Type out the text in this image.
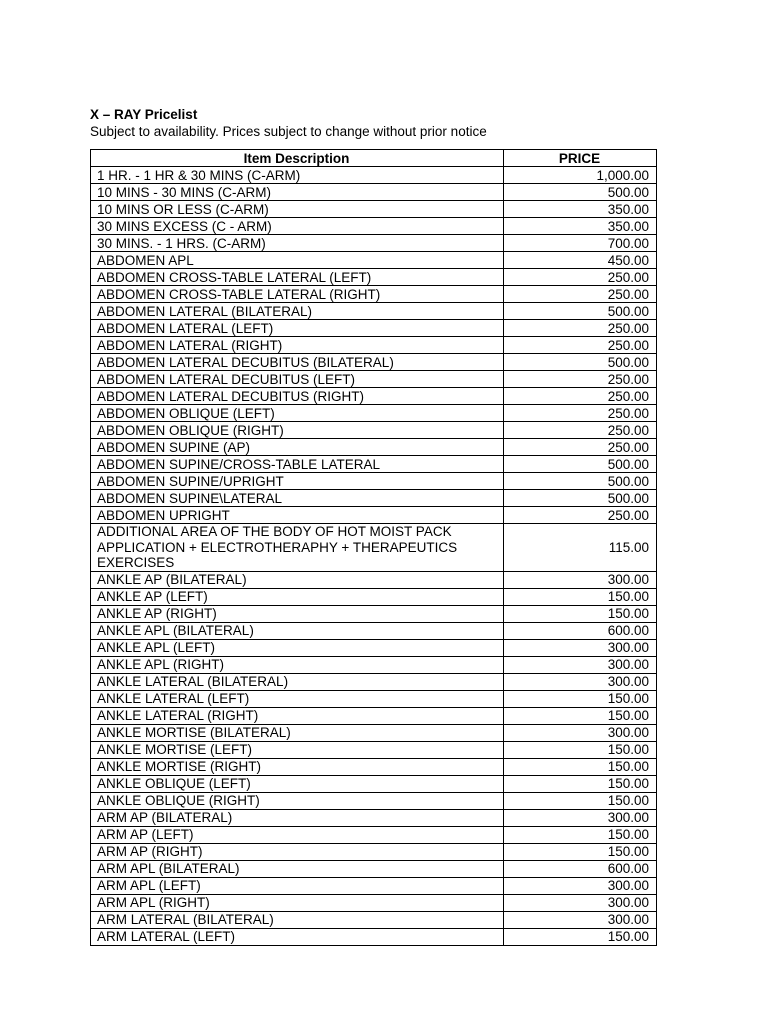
X – RAY Pricelist
Subject to availability. Prices subject to change without prior notice
Item Description	PRICE
1 HR. - 1 HR & 30 MINS (C-ARM)	1,000.00
10 MINS - 30 MINS (C-ARM)	500.00
10 MINS OR LESS (C-ARM)	350.00
30 MINS EXCESS (C - ARM)	350.00
30 MINS. - 1 HRS. (C-ARM)	700.00
ABDOMEN APL	450.00
ABDOMEN CROSS-TABLE LATERAL (LEFT)	250.00
ABDOMEN CROSS-TABLE LATERAL (RIGHT)	250.00
ABDOMEN LATERAL (BILATERAL)	500.00
ABDOMEN LATERAL (LEFT)	250.00
ABDOMEN LATERAL (RIGHT)	250.00
ABDOMEN LATERAL DECUBITUS (BILATERAL)	500.00
ABDOMEN LATERAL DECUBITUS (LEFT)	250.00
ABDOMEN LATERAL DECUBITUS (RIGHT)	250.00
ABDOMEN OBLIQUE (LEFT)	250.00
ABDOMEN OBLIQUE (RIGHT)	250.00
ABDOMEN SUPINE (AP)	250.00
ABDOMEN SUPINE/CROSS-TABLE LATERAL	500.00
ABDOMEN SUPINE/UPRIGHT	500.00
ABDOMEN SUPINE\LATERAL	500.00
ABDOMEN UPRIGHT	250.00
ADDITIONAL AREA OF THE BODY OF HOT MOIST PACK APPLICATION + ELECTROTHERAPHY + THERAPEUTICS EXERCISES	115.00
ANKLE AP (BILATERAL)	300.00
ANKLE AP (LEFT)	150.00
ANKLE AP (RIGHT)	150.00
ANKLE APL (BILATERAL)	600.00
ANKLE APL (LEFT)	300.00
ANKLE APL (RIGHT)	300.00
ANKLE LATERAL (BILATERAL)	300.00
ANKLE LATERAL (LEFT)	150.00
ANKLE LATERAL (RIGHT)	150.00
ANKLE MORTISE (BILATERAL)	300.00
ANKLE MORTISE (LEFT)	150.00
ANKLE MORTISE (RIGHT)	150.00
ANKLE OBLIQUE (LEFT)	150.00
ANKLE OBLIQUE (RIGHT)	150.00
ARM AP (BILATERAL)	300.00
ARM AP (LEFT)	150.00
ARM AP (RIGHT)	150.00
ARM APL (BILATERAL)	600.00
ARM APL (LEFT)	300.00
ARM APL (RIGHT)	300.00
ARM LATERAL (BILATERAL)	300.00
ARM LATERAL (LEFT)	150.00
